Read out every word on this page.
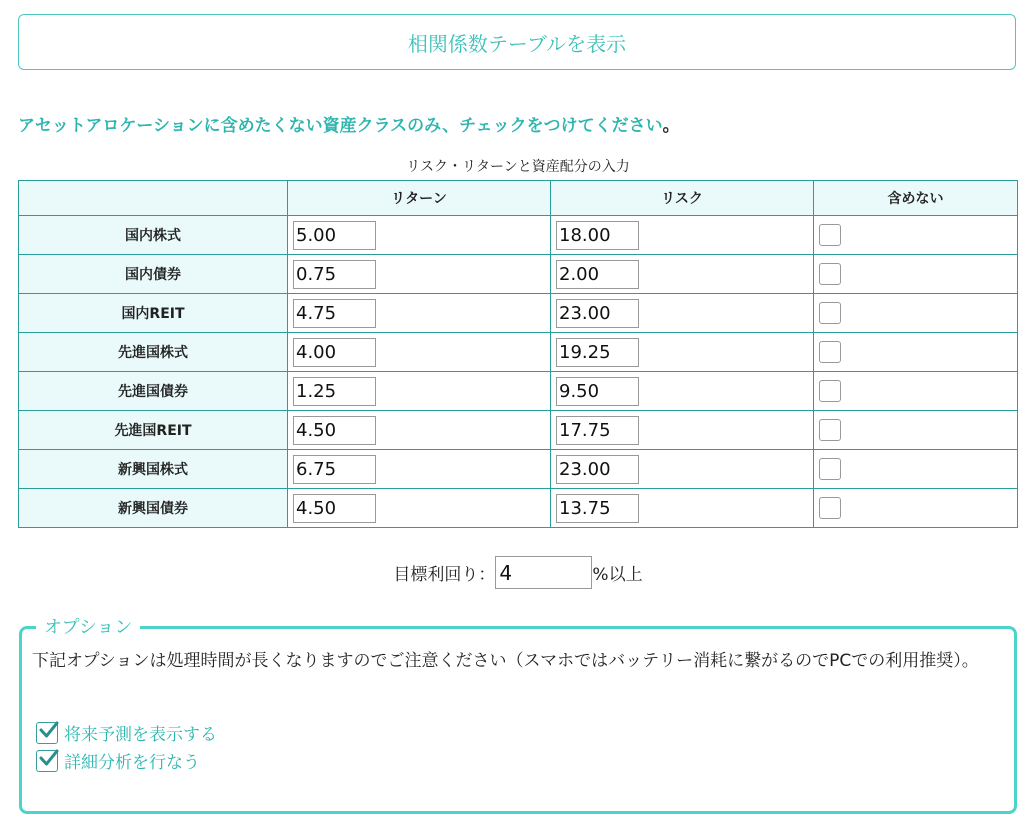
相関係数テーブルを表示
アセットアロケーションに含めたくない資産クラスのみ、チェックをつけてください。
リスク・リターンと資産配分の入力
	リターン	リスク	含めない
国内株式	5.00	18.00	
国内債券	0.75	2.00	
国内REIT	4.75	23.00	
先進国株式	4.00	19.25	
先進国債券	1.25	9.50	
先進国REIT	4.50	17.75	
新興国株式	6.75	23.00	
新興国債券	4.50	13.75	
目標利回り：
4	%以上
オプション
下記オプションは処理時間が長くなりますのでご注意ください（スマホではバッテリー消耗に繋がるのでPCでの利用推奨）。
将来予測を表示する
詳細分析を行なう
